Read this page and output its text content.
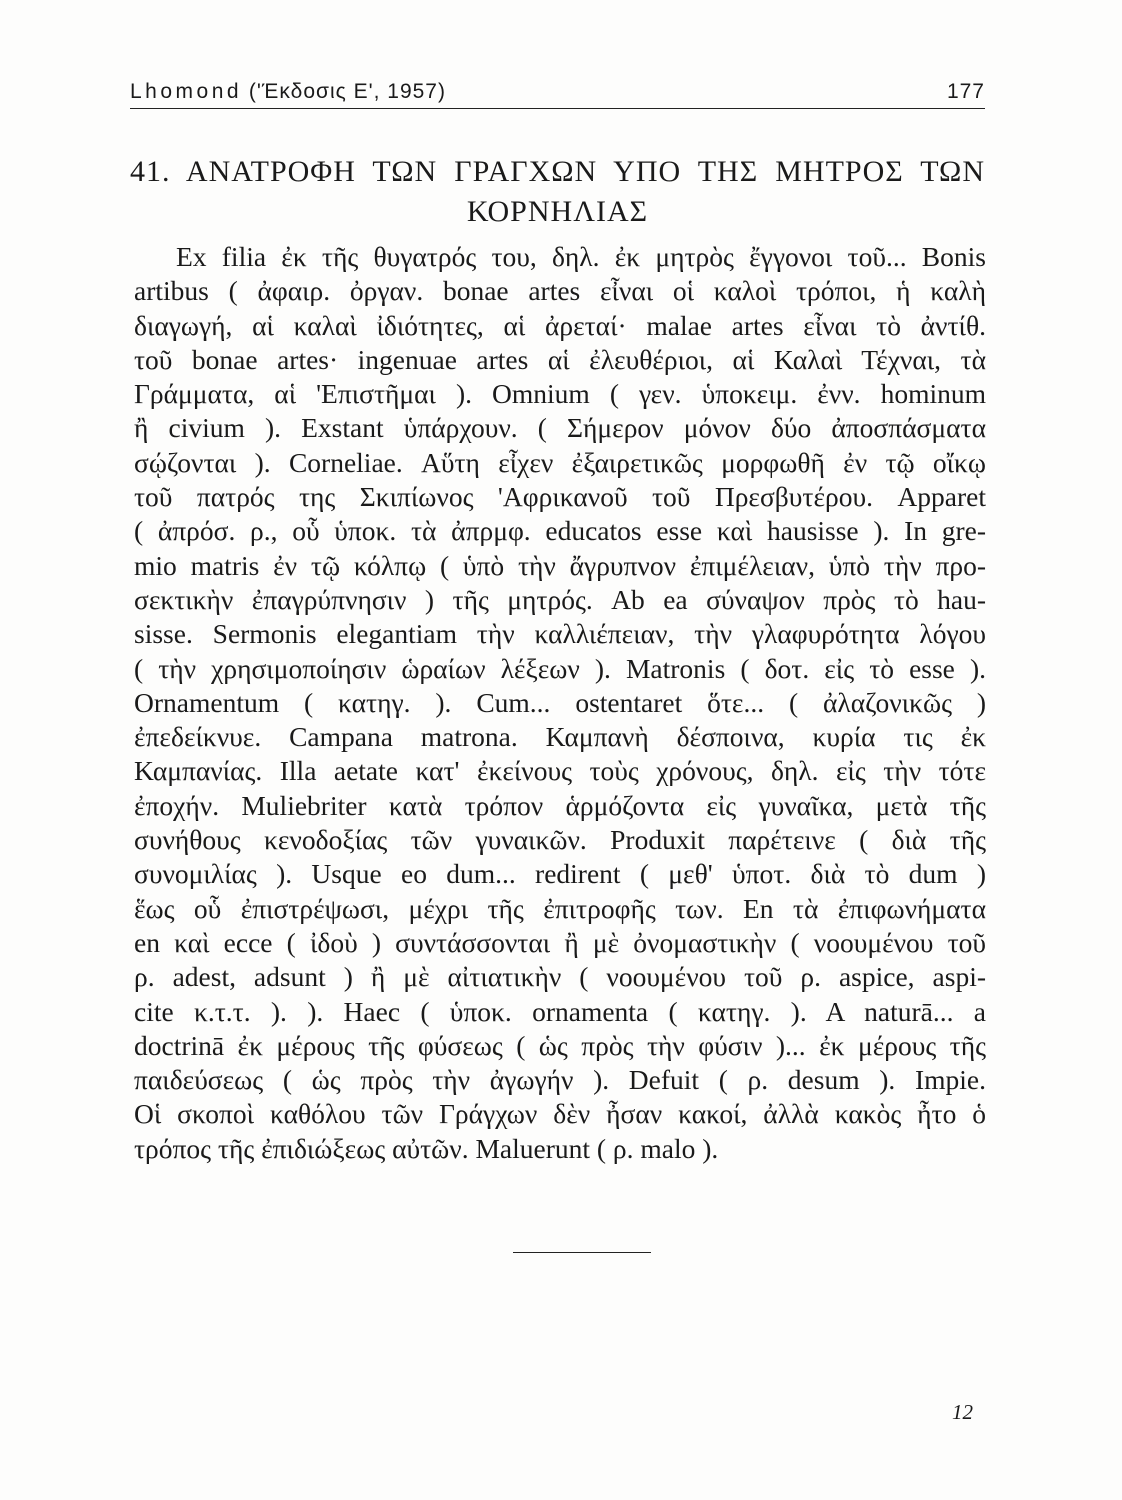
Lhomond ('Έκδοσις Ε', 1957)	177
41. ΑΝΑΤΡΟΦΗ ΤΩΝ ΓΡΑΓΧΩΝ ΥΠΟ ΤΗΣ ΜΗΤΡΟΣ ΤΩΝ
ΚΟΡΝΗΛΙΑΣ
Ex filia ἐκ τῆς θυγατρός του, δηλ. ἐκ μητρὸς ἔγγονοι τοῦ... Bonis
artibus ( ἀφαιρ. ὀργαν. bonae artes εἶναι οἱ καλοὶ τρόποι, ἡ καλὴ
διαγωγή, αἱ καλαὶ ἰδιότητες, αἱ ἀρεταί· malae artes εἶναι τὸ ἀντίθ.
τοῦ bonae artes· ingenuae artes αἱ ἐλευθέριοι, αἱ Καλαὶ Τέχναι, τὰ
Γράμματα, αἱ 'Επιστῆμαι ). Omnium ( γεν. ὑποκειμ. ἐνν. hominum
ἢ civium ). Exstant ὑπάρχουν. ( Σήμερον μόνον δύο ἀποσπάσματα
σῴζονται ). Corneliae. Αὕτη εἶχεν ἐξαιρετικῶς μορφωθῆ ἐν τῷ οἴκῳ
τοῦ πατρός της Σκιπίωνος 'Αφρικανοῦ τοῦ Πρεσβυτέρου. Apparet
( ἀπρόσ. ρ., οὗ ὑποκ. τὰ ἀπρμφ. educatos esse καὶ hausisse ). In gre-
mio matris ἐν τῷ κόλπῳ ( ὑπὸ τὴν ἄγρυπνον ἐπιμέλειαν, ὑπὸ τὴν προ-
σεκτικὴν ἐπαγρύπνησιν ) τῆς μητρός. Ab ea σύναψον πρὸς τὸ hau-
sisse. Sermonis elegantiam τὴν καλλιέπειαν, τὴν γλαφυρότητα λόγου
( τὴν χρησιμοποίησιν ὡραίων λέξεων ). Matronis ( δοτ. εἰς τὸ esse ).
Ornamentum ( κατηγ. ). Cum... ostentaret ὅτε... ( ἀλαζονικῶς )
ἐπεδείκνυε. Campana matrona. Καμπανὴ δέσποινα, κυρία τις ἐκ
Καμπανίας. Illa aetate κατ' ἐκείνους τοὺς χρόνους, δηλ. εἰς τὴν τότε
ἐποχήν. Muliebriter κατὰ τρόπον ἁρμόζοντα εἰς γυναῖκα, μετὰ τῆς
συνήθους κενοδοξίας τῶν γυναικῶν. Produxit παρέτεινε ( διὰ τῆς
συνομιλίας ). Usque eo dum... redirent ( μεθ' ὑποτ. διὰ τὸ dum )
ἕως οὗ ἐπιστρέψωσι, μέχρι τῆς ἐπιτροφῆς των. En τὰ ἐπιφωνήματα
en καὶ ecce ( ἰδοὺ ) συντάσσονται ἢ μὲ ὀνομαστικὴν ( νοουμένου τοῦ
ρ. adest, adsunt ) ἢ μὲ αἰτιατικὴν ( νοουμένου τοῦ ρ. aspice, aspi-
cite κ.τ.τ. ). ). Haec ( ὑποκ. ornamenta ( κατηγ. ). A naturā... a
doctrinā ἐκ μέρους τῆς φύσεως ( ὡς πρὸς τὴν φύσιν )... ἐκ μέρους τῆς
παιδεύσεως ( ὡς πρὸς τὴν ἀγωγήν ). Defuit ( ρ. desum ). Impie.
Οἱ σκοποὶ καθόλου τῶν Γράγχων δὲν ἦσαν κακοί, ἀλλὰ κακὸς ἦτο ὁ
τρόπος τῆς ἐπιδιώξεως αὐτῶν. Maluerunt ( ρ. malo ).
12
